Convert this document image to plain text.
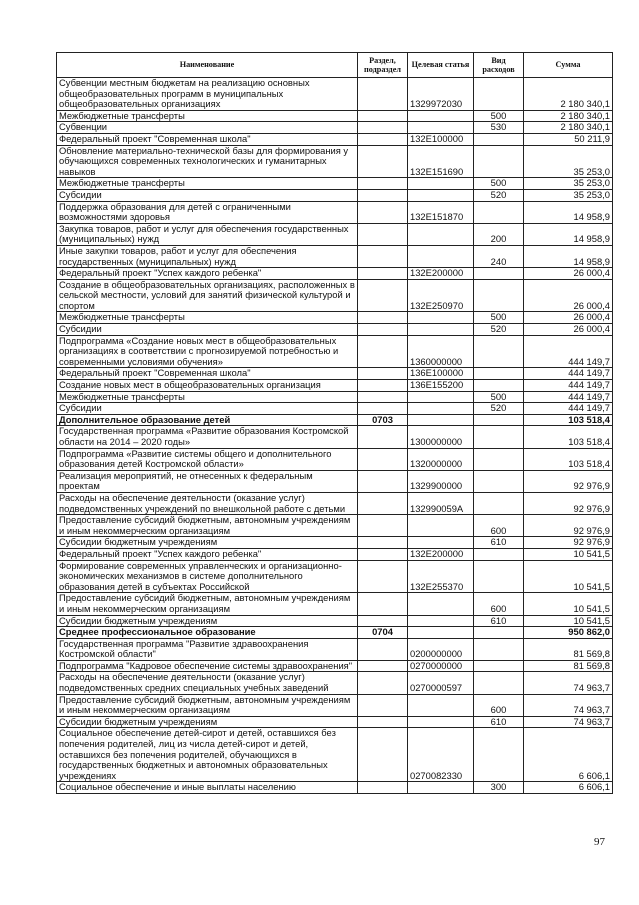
Наименование	Раздел, подраздел	Целевая статья	Вид расходов	Сумма
Субвенции местным бюджетам на реализацию основных общеобразовательных программ в муниципальных общеобразовательных организациях		1329972030		2 180 340,1
Межбюджетные трансферты			500	2 180 340,1
Субвенции			530	2 180 340,1
Федеральный проект "Современная школа"		132E100000		50 211,9
Обновление материально-технической базы для формирования у обучающихся современных технологических и гуманитарных навыков		132E151690		35 253,0
Межбюджетные трансферты			500	35 253,0
Субсидии			520	35 253,0
Поддержка образования для детей с ограниченными возможностями здоровья		132E151870		14 958,9
Закупка товаров, работ и услуг для обеспечения государственных (муниципальных) нужд			200	14 958,9
Иные закупки товаров, работ и услуг для обеспечения государственных (муниципальных) нужд			240	14 958,9
Федеральный проект "Успех каждого ребенка"		132E200000		26 000,4
Создание в общеобразовательных организациях, расположенных в сельской местности, условий для занятий физической культурой и спортом		132E250970		26 000,4
Межбюджетные трансферты			500	26 000,4
Субсидии			520	26 000,4
Подпрограмма «Создание новых мест в общеобразовательных организациях в соответствии с прогнозируемой потребностью и современными условиями обучения»		1360000000		444 149,7
Федеральный проект "Современная школа"		136E100000		444 149,7
Создание новых мест в общеобразовательных организация		136E155200		444 149,7
Межбюджетные трансферты			500	444 149,7
Субсидии			520	444 149,7
Дополнительное образование детей	0703			103 518,4
Государственная программа «Развитие образования Костромской области на 2014 – 2020 годы»		1300000000		103 518,4
Подпрограмма «Развитие системы общего и дополнительного образования детей Костромской области»		1320000000		103 518,4
Реализация мероприятий, не отнесенных к федеральным проектам		1329900000		92 976,9
Расходы на обеспечение деятельности (оказание услуг) подведомственных учреждений по внешкольной работе с детьми		132990059А		92 976,9
Предоставление субсидий бюджетным, автономным учреждениям и иным некоммерческим организациям			600	92 976,9
Субсидии бюджетным учреждениям			610	92 976,9
Федеральный проект "Успех каждого ребенка"		132E200000		10 541,5
Формирование современных управленческих и организационно-экономических механизмов в системе дополнительного образования детей в субъектах Российской		132E255370		10 541,5
Предоставление субсидий бюджетным, автономным учреждениям и иным некоммерческим организациям			600	10 541,5
Субсидии бюджетным учреждениям			610	10 541,5
Среднее профессиональное образование	0704			950 862,0
Государственная программа "Развитие здравоохранения Костромской области"		0200000000		81 569,8
Подпрограмма "Кадровое обеспечение системы здравоохранения"		0270000000		81 569,8
Расходы на обеспечение деятельности (оказание услуг) подведомственных средних специальных учебных заведений		0270000597		74 963,7
Предоставление субсидий бюджетным, автономным учреждениям и иным некоммерческим организациям			600	74 963,7
Субсидии бюджетным учреждениям			610	74 963,7
Социальное обеспечение детей-сирот и детей, оставшихся без попечения родителей, лиц из числа детей-сирот и детей, оставшихся без попечения родителей, обучающихся в государственных бюджетных и автономных образовательных учреждениях		0270082330		6 606,1
Социальное обеспечение и иные выплаты населению			300	6 606,1
97
